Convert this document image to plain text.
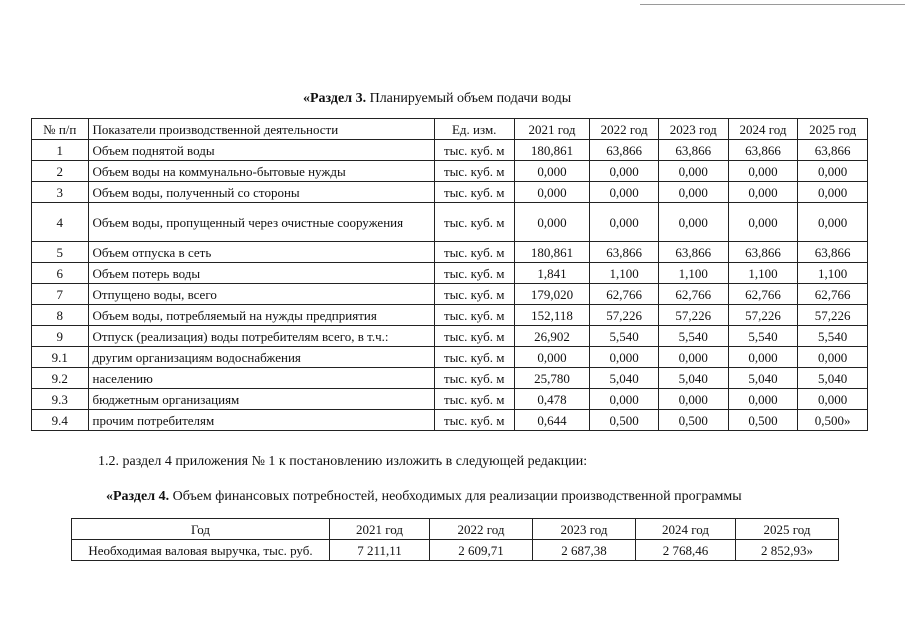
«Раздел 3. Планируемый объем подачи воды
№ п/п	Показатели производственной деятельности	Ед. изм.	2021 год	2022 год	2023 год	2024 год	2025 год
1	Объем поднятой воды	тыс. куб. м	180,861	63,866	63,866	63,866	63,866
2	Объем воды на коммунально-бытовые нужды	тыс. куб. м	0,000	0,000	0,000	0,000	0,000
3	Объем воды, полученный со стороны	тыс. куб. м	0,000	0,000	0,000	0,000	0,000
4	Объем воды, пропущенный через очистные сооружения	тыс. куб. м	0,000	0,000	0,000	0,000	0,000
5	Объем отпуска в сеть	тыс. куб. м	180,861	63,866	63,866	63,866	63,866
6	Объем потерь воды	тыс. куб. м	1,841	1,100	1,100	1,100	1,100
7	Отпущено воды, всего	тыс. куб. м	179,020	62,766	62,766	62,766	62,766
8	Объем воды, потребляемый на нужды предприятия	тыс. куб. м	152,118	57,226	57,226	57,226	57,226
9	Отпуск (реализация) воды потребителям всего, в т.ч.:	тыс. куб. м	26,902	5,540	5,540	5,540	5,540
9.1	другим организациям водоснабжения	тыс. куб. м	0,000	0,000	0,000	0,000	0,000
9.2	населению	тыс. куб. м	25,780	5,040	5,040	5,040	5,040
9.3	бюджетным организациям	тыс. куб. м	0,478	0,000	0,000	0,000	0,000
9.4	прочим потребителям	тыс. куб. м	0,644	0,500	0,500	0,500	0,500»
1.2. раздел 4 приложения № 1 к постановлению изложить в следующей редакции:
«Раздел 4. Объем финансовых потребностей, необходимых для реализации производственной программы
Год	2021 год	2022 год	2023 год	2024 год	2025 год
Необходимая валовая выручка, тыс. руб.	7 211,11	2 609,71	2 687,38	2 768,46	2 852,93»
